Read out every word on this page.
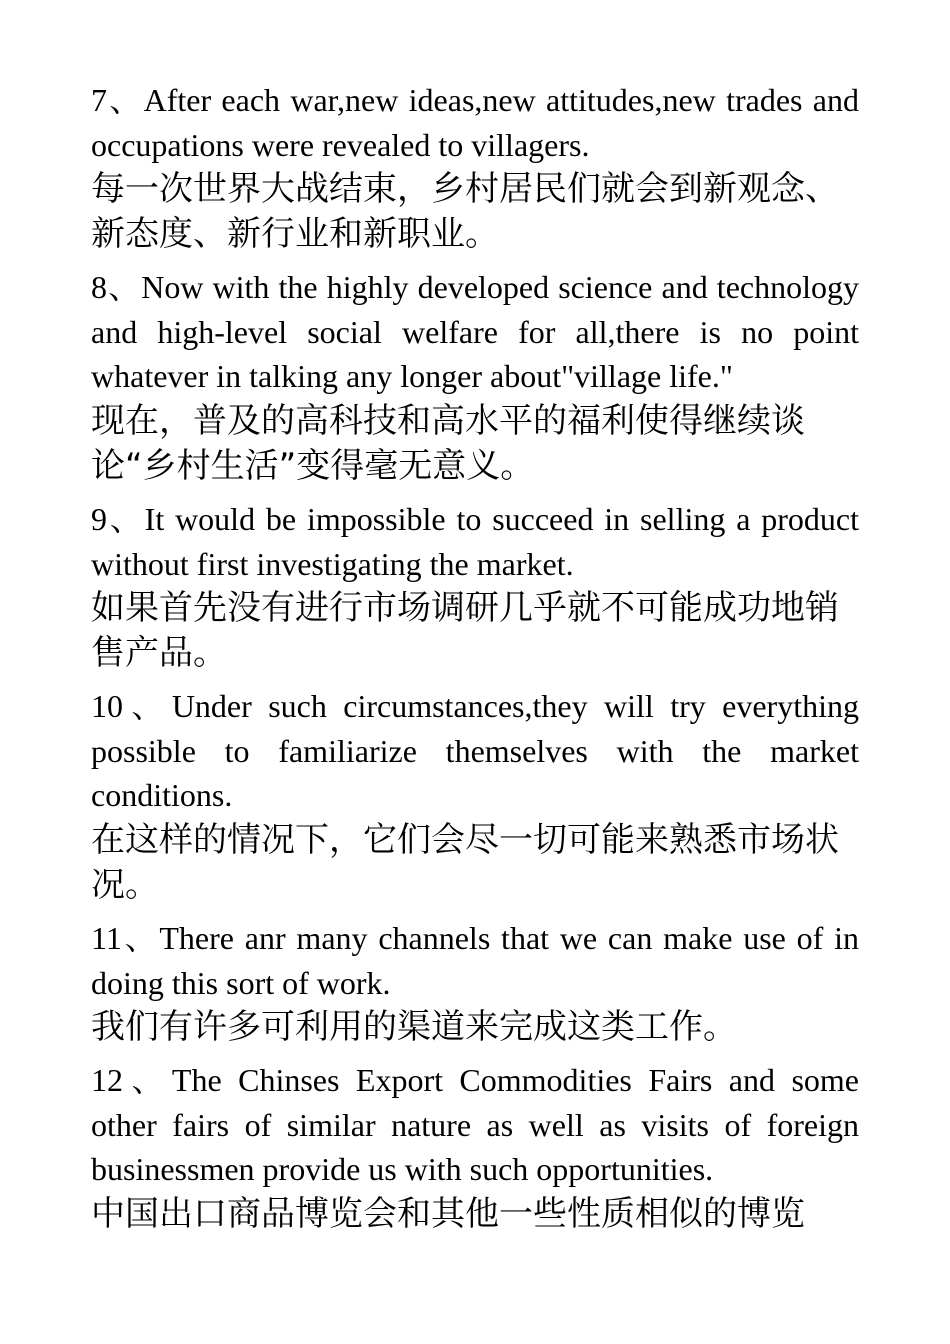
7、After each war,new ideas,new attitudes,new trades and occupations were revealed to villagers.

每一次世界大战结束，乡村居民们就会到新观念、新态度、新行业和新职业。

8、Now with the highly developed science and technology and high-level social welfare for all,there is no point whatever in talking any longer about"village life."

现在，普及的高科技和高水平的福利使得继续谈论“乡村生活”变得毫无意义。

9、It would be impossible to succeed in selling a product without first investigating the market.

如果首先没有进行市场调研几乎就不可能成功地销售产品。

10、Under such circumstances,they will try everything possible to familiarize themselves with the market conditions.

在这样的情况下，它们会尽一切可能来熟悉市场状况。

11、There anr many channels that we can make use of in doing this sort of work.

我们有许多可利用的渠道来完成这类工作。

12、The Chinses Export Commodities Fairs and some other fairs of similar nature as well as visits of foreign businessmen provide us with such opportunities.

中国出口商品博览会和其他一些性质相似的博览
